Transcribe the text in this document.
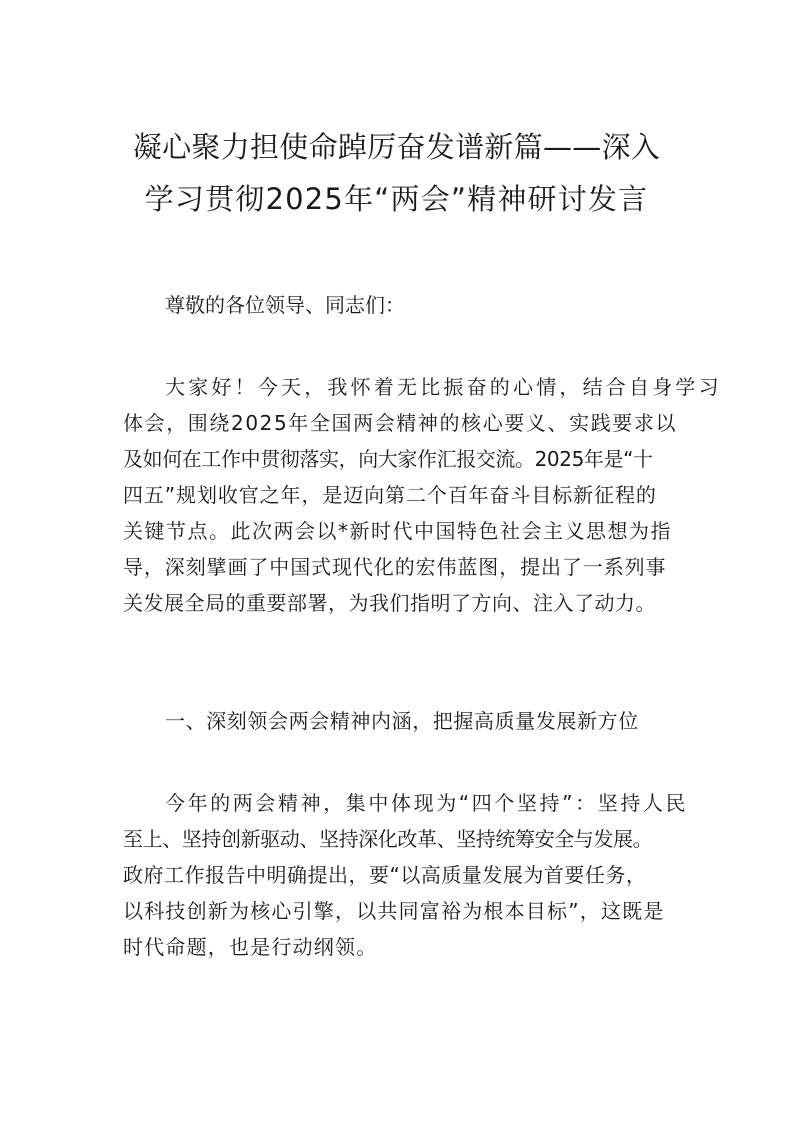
凝心聚力担使命踔厉奋发谱新篇——深入
学习贯彻2025年“两会”精神研讨发言

尊敬的各位领导、同志们：

大家好！今天，我怀着无比振奋的心情，结合自身学习
体会，围绕2025年全国两会精神的核心要义、实践要求以
及如何在工作中贯彻落实，向大家作汇报交流。2025年是“十
四五”规划收官之年，是迈向第二个百年奋斗目标新征程的
关键节点。此次两会以*新时代中国特色社会主义思想为指
导，深刻擘画了中国式现代化的宏伟蓝图，提出了一系列事
关发展全局的重要部署，为我们指明了方向、注入了动力。

一、深刻领会两会精神内涵，把握高质量发展新方位

今年的两会精神，集中体现为“四个坚持”：坚持人民
至上、坚持创新驱动、坚持深化改革、坚持统筹安全与发展。
政府工作报告中明确提出，要“以高质量发展为首要任务，
以科技创新为核心引擎，以共同富裕为根本目标”，这既是
时代命题，也是行动纲领。
